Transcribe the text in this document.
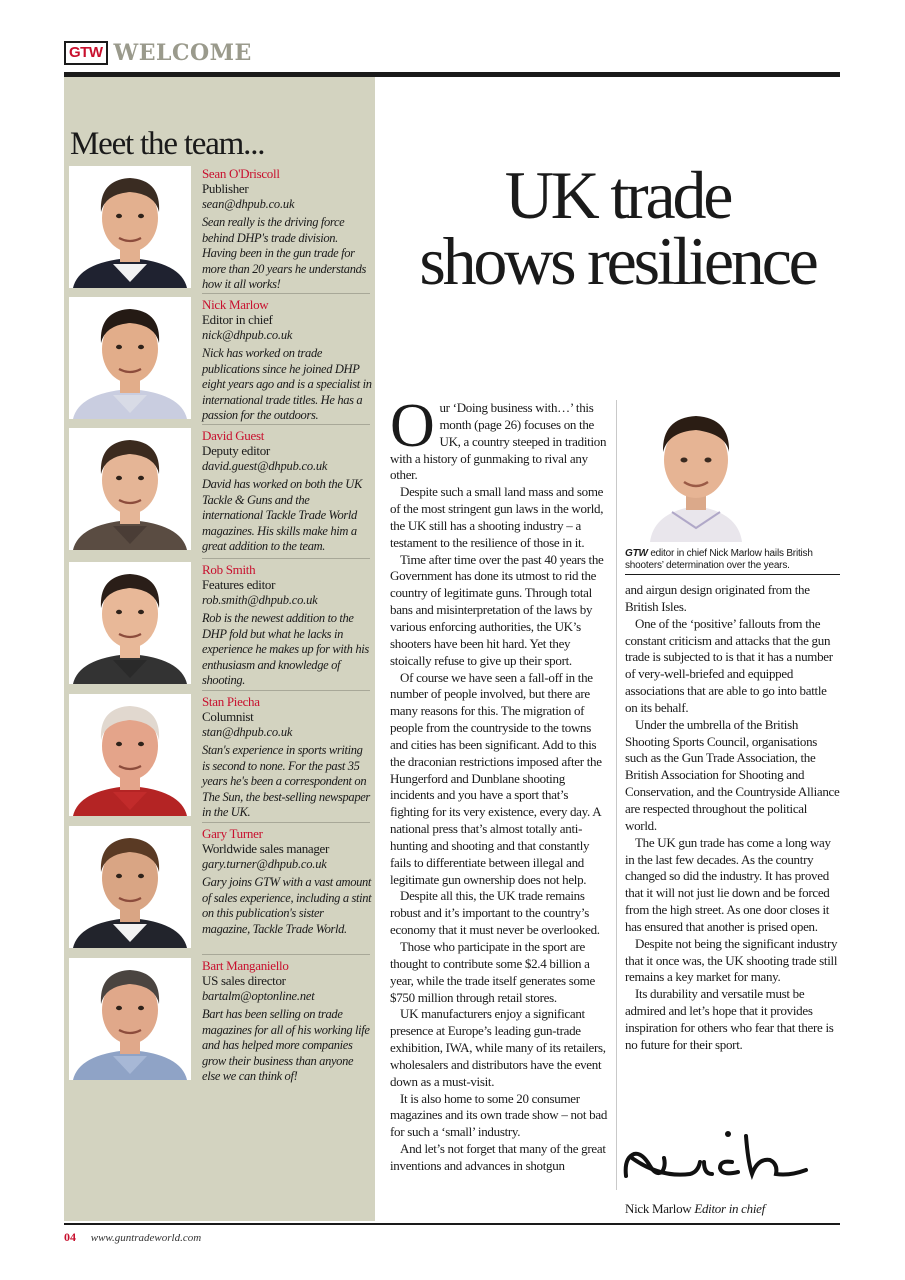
GTW WELCOME
Meet the team...
Sean O'Driscoll
Publisher
sean@dhpub.co.uk
Sean really is the driving force behind DHP's trade division. Having been in the gun trade for more than 20 years he understands how it all works!
Nick Marlow
Editor in chief
nick@dhpub.co.uk
Nick has worked on trade publications since he joined DHP eight years ago and is a specialist in international trade titles. He has a passion for the outdoors.
David Guest
Deputy editor
david.guest@dhpub.co.uk
David has worked on both the UK Tackle & Guns and the international Tackle Trade World magazines. His skills make him a great addition to the team.
Rob Smith
Features editor
rob.smith@dhpub.co.uk
Rob is the newest addition to the DHP fold but what he lacks in experience he makes up for with his enthusiasm and knowledge of shooting.
Stan Piecha
Columnist
stan@dhpub.co.uk
Stan's experience in sports writing is second to none. For the past 35 years he's been a correspondent on The Sun, the best-selling newspaper in the UK.
Gary Turner
Worldwide sales manager
gary.turner@dhpub.co.uk
Gary joins GTW with a vast amount of sales experience, including a stint on this publication's sister magazine, Tackle Trade World.
Bart Manganiello
US sales director
bartalm@optonline.net
Bart has been selling on trade magazines for all of his working life and has helped more companies grow their business than anyone else we can think of!
UK trade
shows resilience

Our ‘Doing business with…’ this month (page 26) focuses on the UK, a country steeped in tradition with a history of gunmaking to rival any other.

Despite such a small land mass and some of the most stringent gun laws in the world, the UK still has a shooting industry – a testament to the resilience of those in it.

Time after time over the past 40 years the Government has done its utmost to rid the country of legitimate guns. Through total bans and misinterpretation of the laws by various enforcing authorities, the UK’s shooters have been hit hard. Yet they stoically refuse to give up their sport.

Of course we have seen a fall-off in the number of people involved, but there are many reasons for this. The migration of people from the countryside to the towns and cities has been significant. Add to this the draconian restrictions imposed after the Hungerford and Dunblane shooting incidents and you have a sport that’s fighting for its very existence, every day. A national press that’s almost totally anti-hunting and shooting and that constantly fails to differentiate between illegal and legitimate gun ownership does not help.

Despite all this, the UK trade remains robust and it’s important to the country’s economy that it must never be overlooked.

Those who participate in the sport are thought to contribute some $2.4 billion a year, while the trade itself generates some $750 million through retail stores.

UK manufacturers enjoy a significant presence at Europe’s leading gun-trade exhibition, IWA, while many of its retailers, wholesalers and distributors have the event down as a must-visit.

It is also home to some 20 consumer magazines and its own trade show – not bad for such a ‘small’ industry.

And let’s not forget that many of the great inventions and advances in shotgun

GTW editor in chief Nick Marlow hails British shooters’ determination over the years.

and airgun design originated from the British Isles.

One of the ‘positive’ fallouts from the constant criticism and attacks that the gun trade is subjected to is that it has a number of very-well-briefed and equipped associations that are able to go into battle on its behalf.

Under the umbrella of the British Shooting Sports Council, organisations such as the Gun Trade Association, the British Association for Shooting and Conservation, and the Countryside Alliance are respected throughout the political world.

The UK gun trade has come a long way in the last few decades. As the country changed so did the industry. It has proved that it will not just lie down and be forced from the high street. As one door closes it has ensured that another is prised open.

Despite not being the significant industry that it once was, the UK shooting trade still remains a key market for many.

Its durability and versatile must be admired and let’s hope that it provides inspiration for others who fear that there is no future for their sport.

Nick Marlow Editor in chief
04 www.guntradeworld.com
